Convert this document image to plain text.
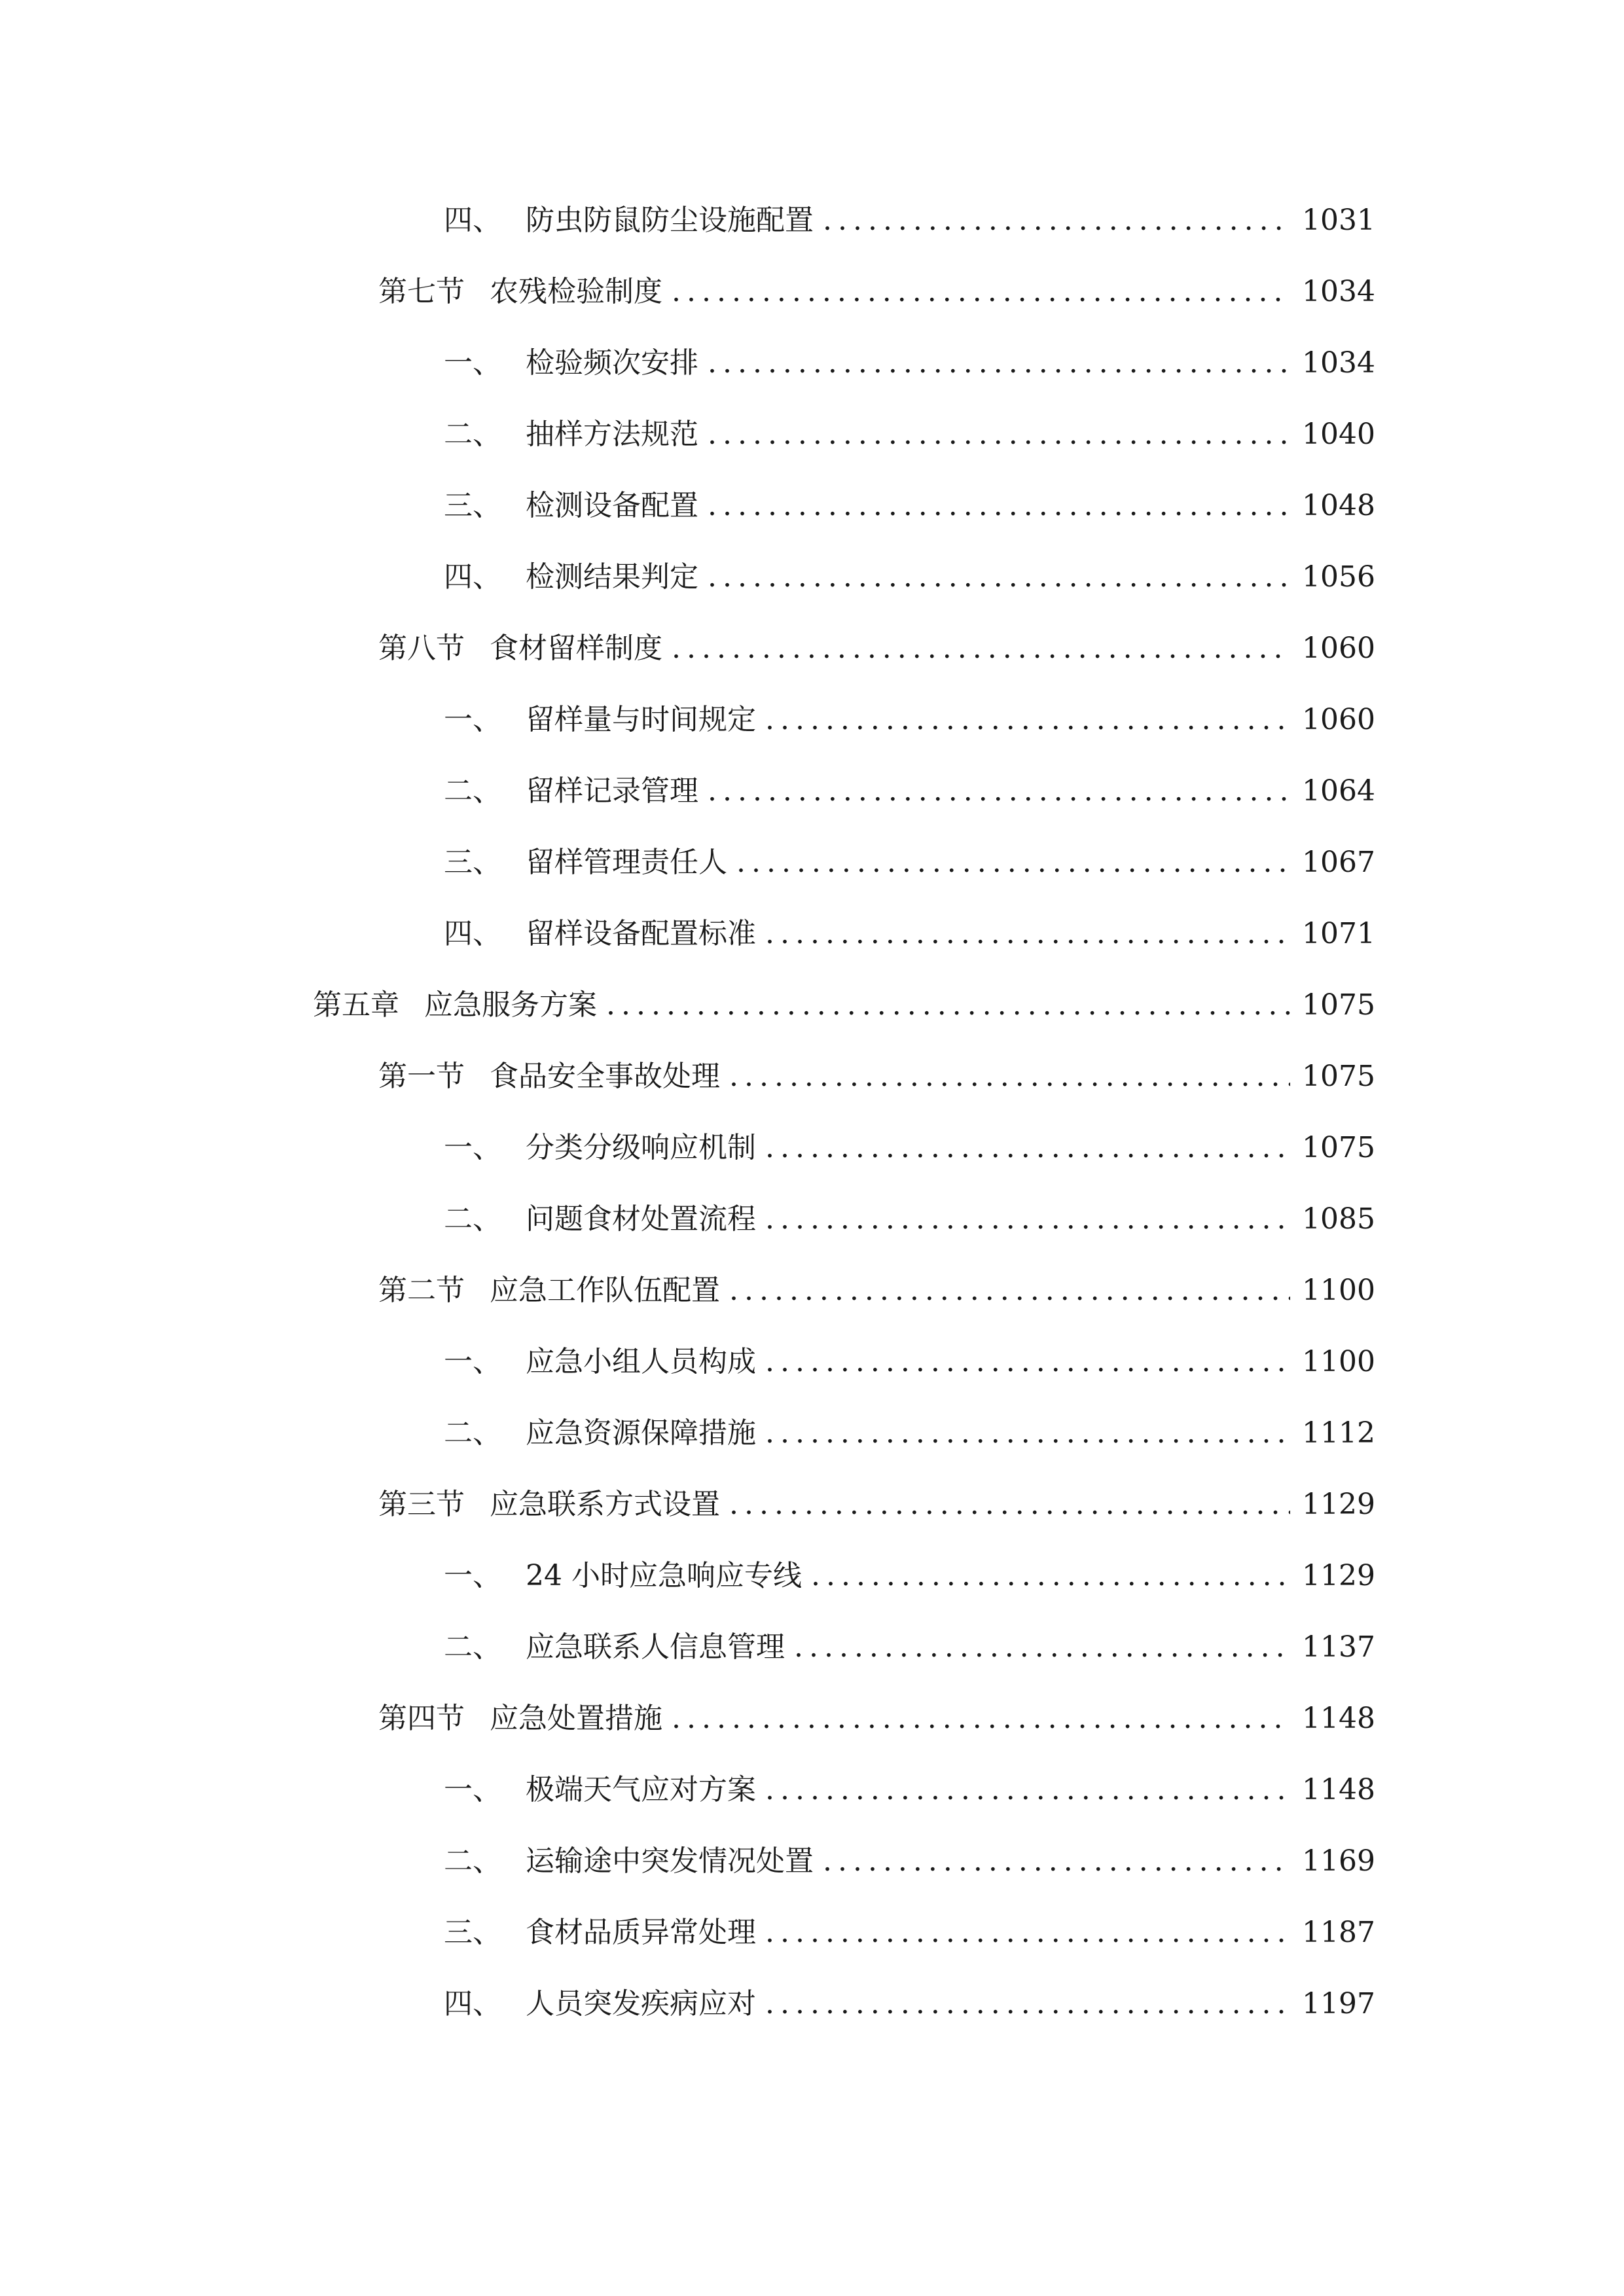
四、 防虫防鼠防尘设施配置 .....	1031
第七节 农残检验制度 .....	1034
一、 检验频次安排 .....	1034
二、 抽样方法规范 .....	1040
三、 检测设备配置 .....	1048
四、 检测结果判定 .....	1056
第八节 食材留样制度 .....	1060
一、 留样量与时间规定 .....	1060
二、 留样记录管理 .....	1064
三、 留样管理责任人 .....	1067
四、 留样设备配置标准 .....	1071
第五章 应急服务方案 .....	1075
第一节 食品安全事故处理 .....	1075
一、 分类分级响应机制 .....	1075
二、 问题食材处置流程 .....	1085
第二节 应急工作队伍配置 .....	1100
一、 应急小组人员构成 .....	1100
二、 应急资源保障措施 .....	1112
第三节 应急联系方式设置 .....	1129
一、 24 小时应急响应专线 .....	1129
二、 应急联系人信息管理 .....	1137
第四节 应急处置措施 .....	1148
一、 极端天气应对方案 .....	1148
二、 运输途中突发情况处置 .....	1169
三、 食材品质异常处理 .....	1187
四、 人员突发疾病应对 .....	1197
